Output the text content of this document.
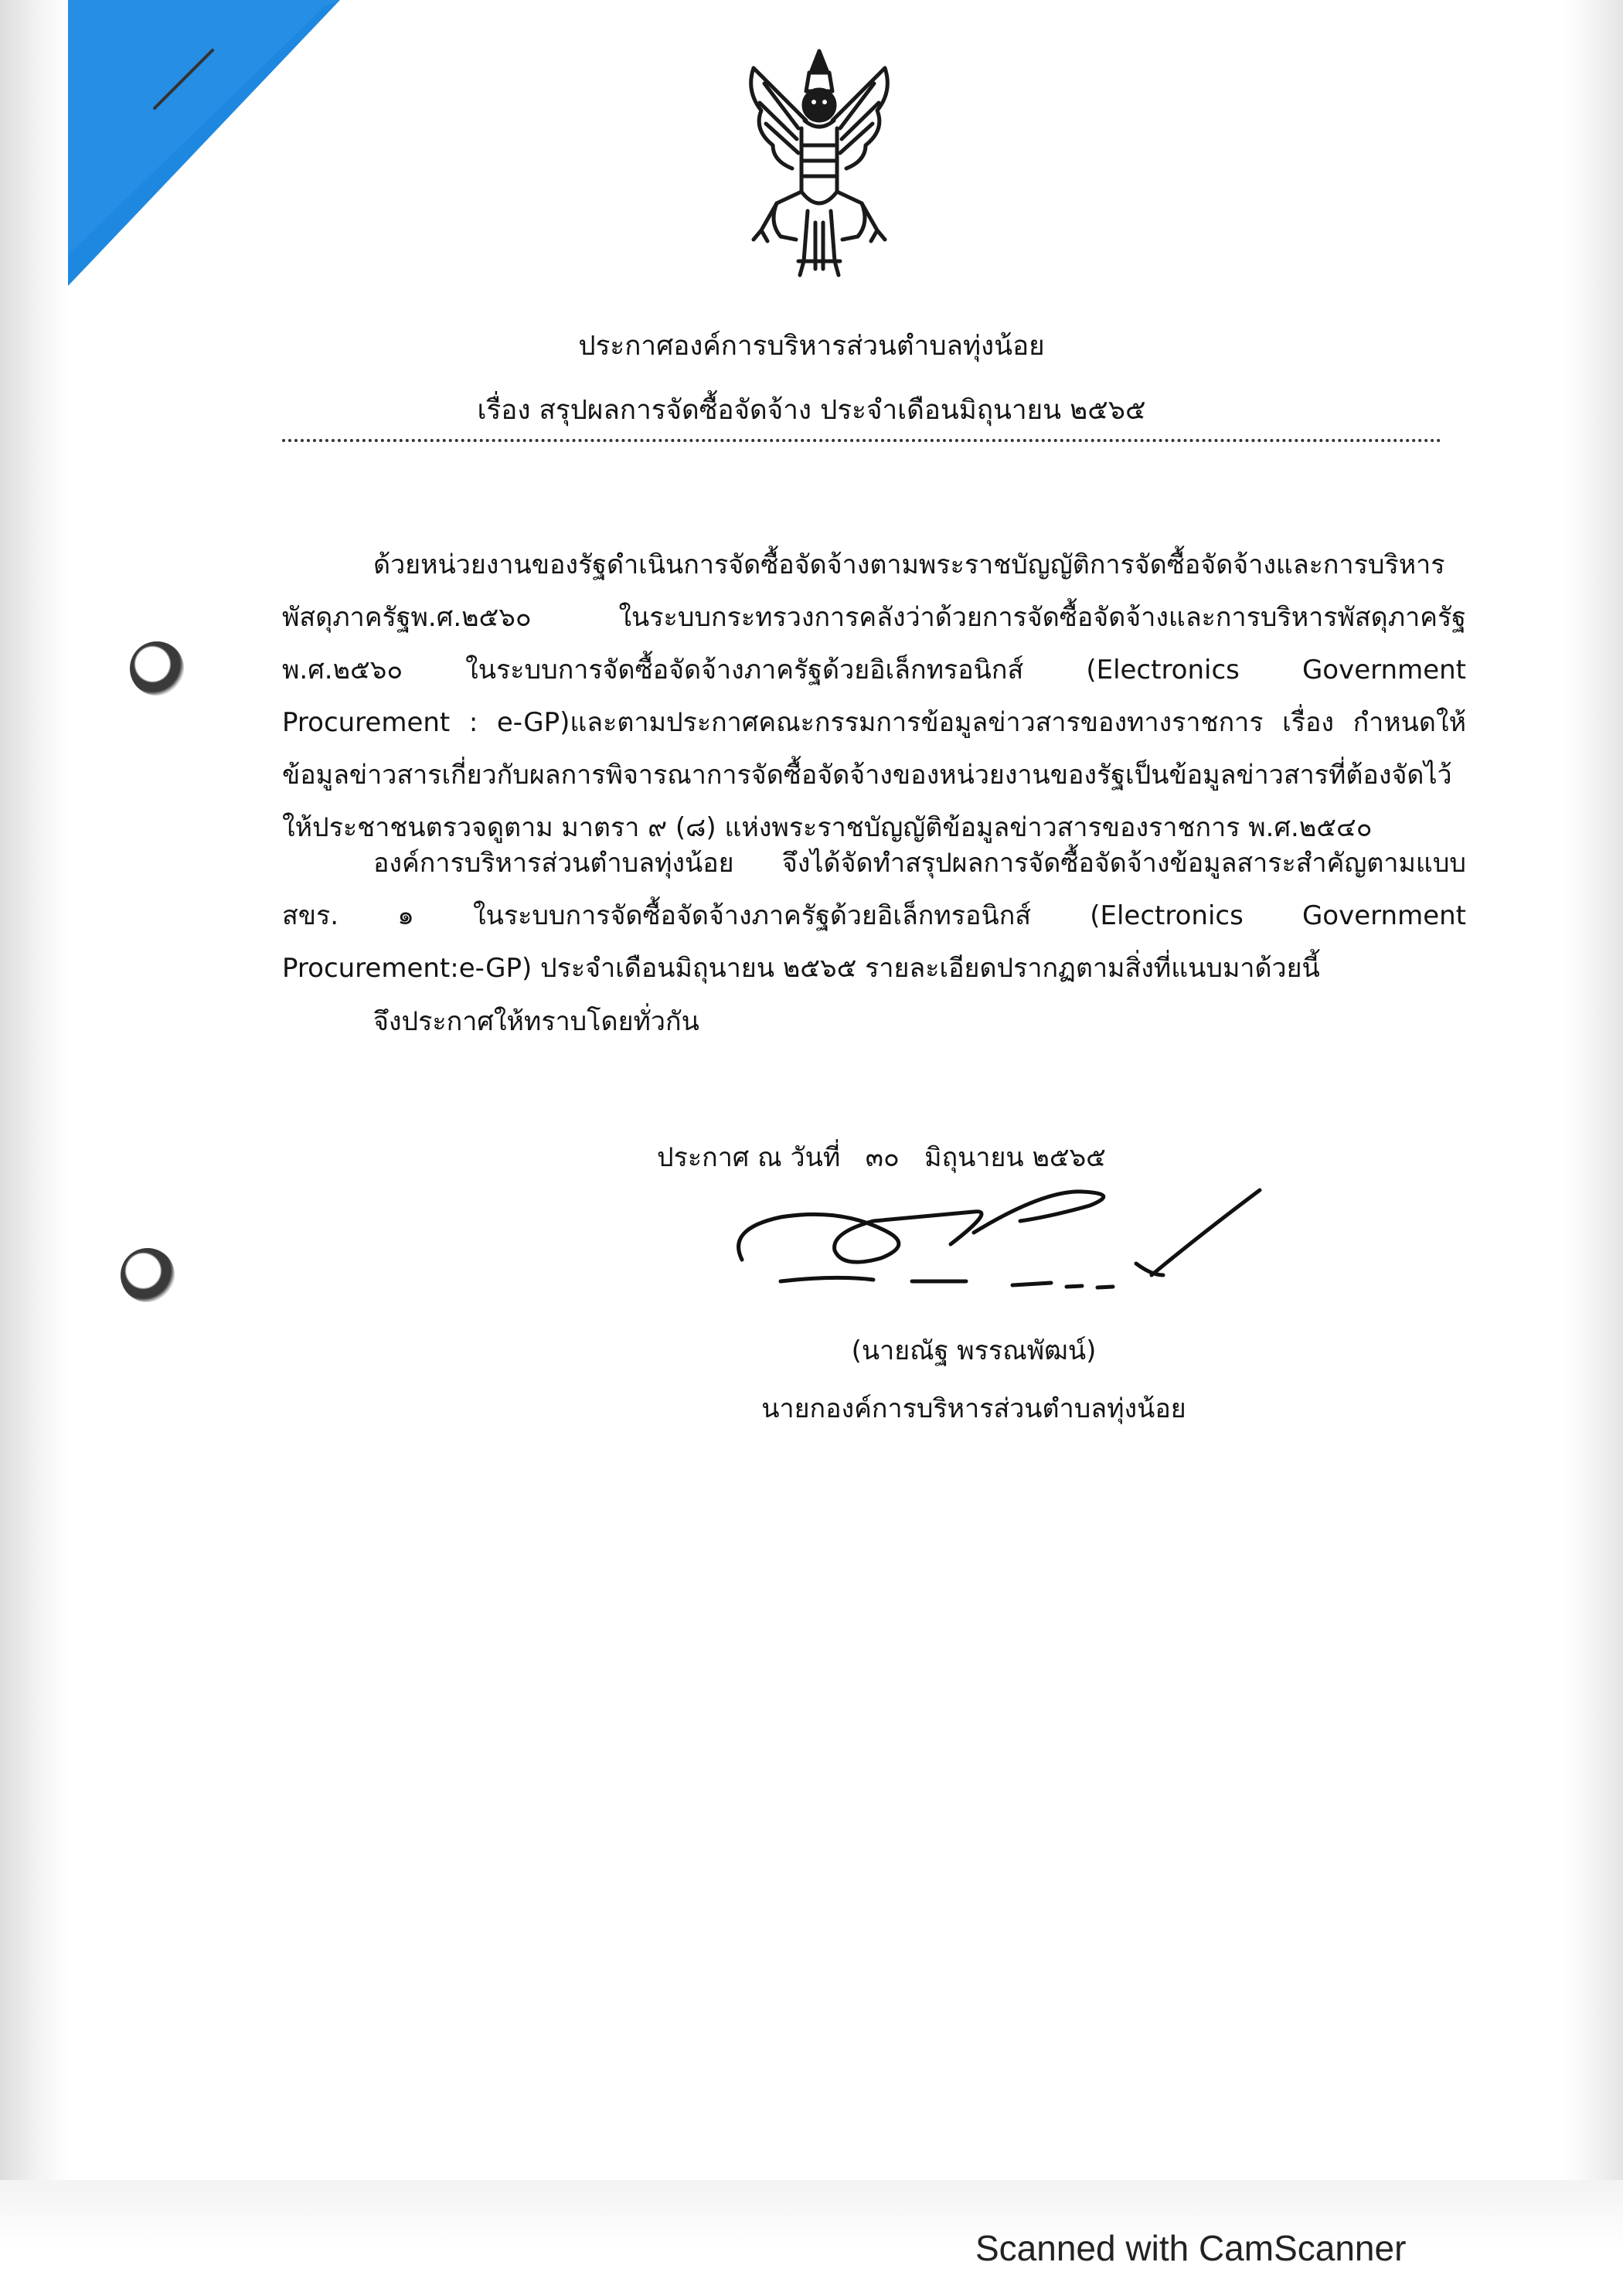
ประกาศองค์การบริหารส่วนตำบลทุ่งน้อย

เรื่อง สรุปผลการจัดซื้อจัดจ้าง ประจำเดือนมิถุนายน ๒๕๖๕

ด้วยหน่วยงานของรัฐดำเนินการจัดซื้อจัดจ้างตามพระราชบัญญัติการจัดซื้อจัดจ้างและการบริหารพัสดุภาครัฐพ.ศ.๒๕๖๐ ในระบบกระทรวงการคลังว่าด้วยการจัดซื้อจัดจ้างและการบริหารพัสดุภาครัฐ พ.ศ.๒๕๖๐ ในระบบการจัดซื้อจัดจ้างภาครัฐด้วยอิเล็กทรอนิกส์ (Electronics Government Procurement : e-GP)และตามประกาศคณะกรรมการข้อมูลข่าวสารของทางราชการ เรื่อง กำหนดให้ข้อมูลข่าวสารเกี่ยวกับผลการพิจารณาการจัดซื้อจัดจ้างของหน่วยงานของรัฐเป็นข้อมูลข่าวสารที่ต้องจัดไว้ให้ประชาชนตรวจดูตาม มาตรา ๙ (๘) แห่งพระราชบัญญัติข้อมูลข่าวสารของราชการ พ.ศ.๒๕๔๐

องค์การบริหารส่วนตำบลทุ่งน้อย จึงได้จัดทำสรุปผลการจัดซื้อจัดจ้างข้อมูลสาระสำคัญตามแบบ สขร. ๑ ในระบบการจัดซื้อจัดจ้างภาครัฐด้วยอิเล็กทรอนิกส์ (Electronics Government Procurement:e-GP) ประจำเดือนมิถุนายน ๒๕๖๕ รายละเอียดปรากฏตามสิ่งที่แนบมาด้วยนี้

จึงประกาศให้ทราบโดยทั่วกัน

ประกาศ ณ วันที่ ๓๐ มิถุนายน ๒๕๖๕

(นายณัฐ พรรณพัฒน์)

นายกองค์การบริหารส่วนตำบลทุ่งน้อย

Scanned with CamScanner
